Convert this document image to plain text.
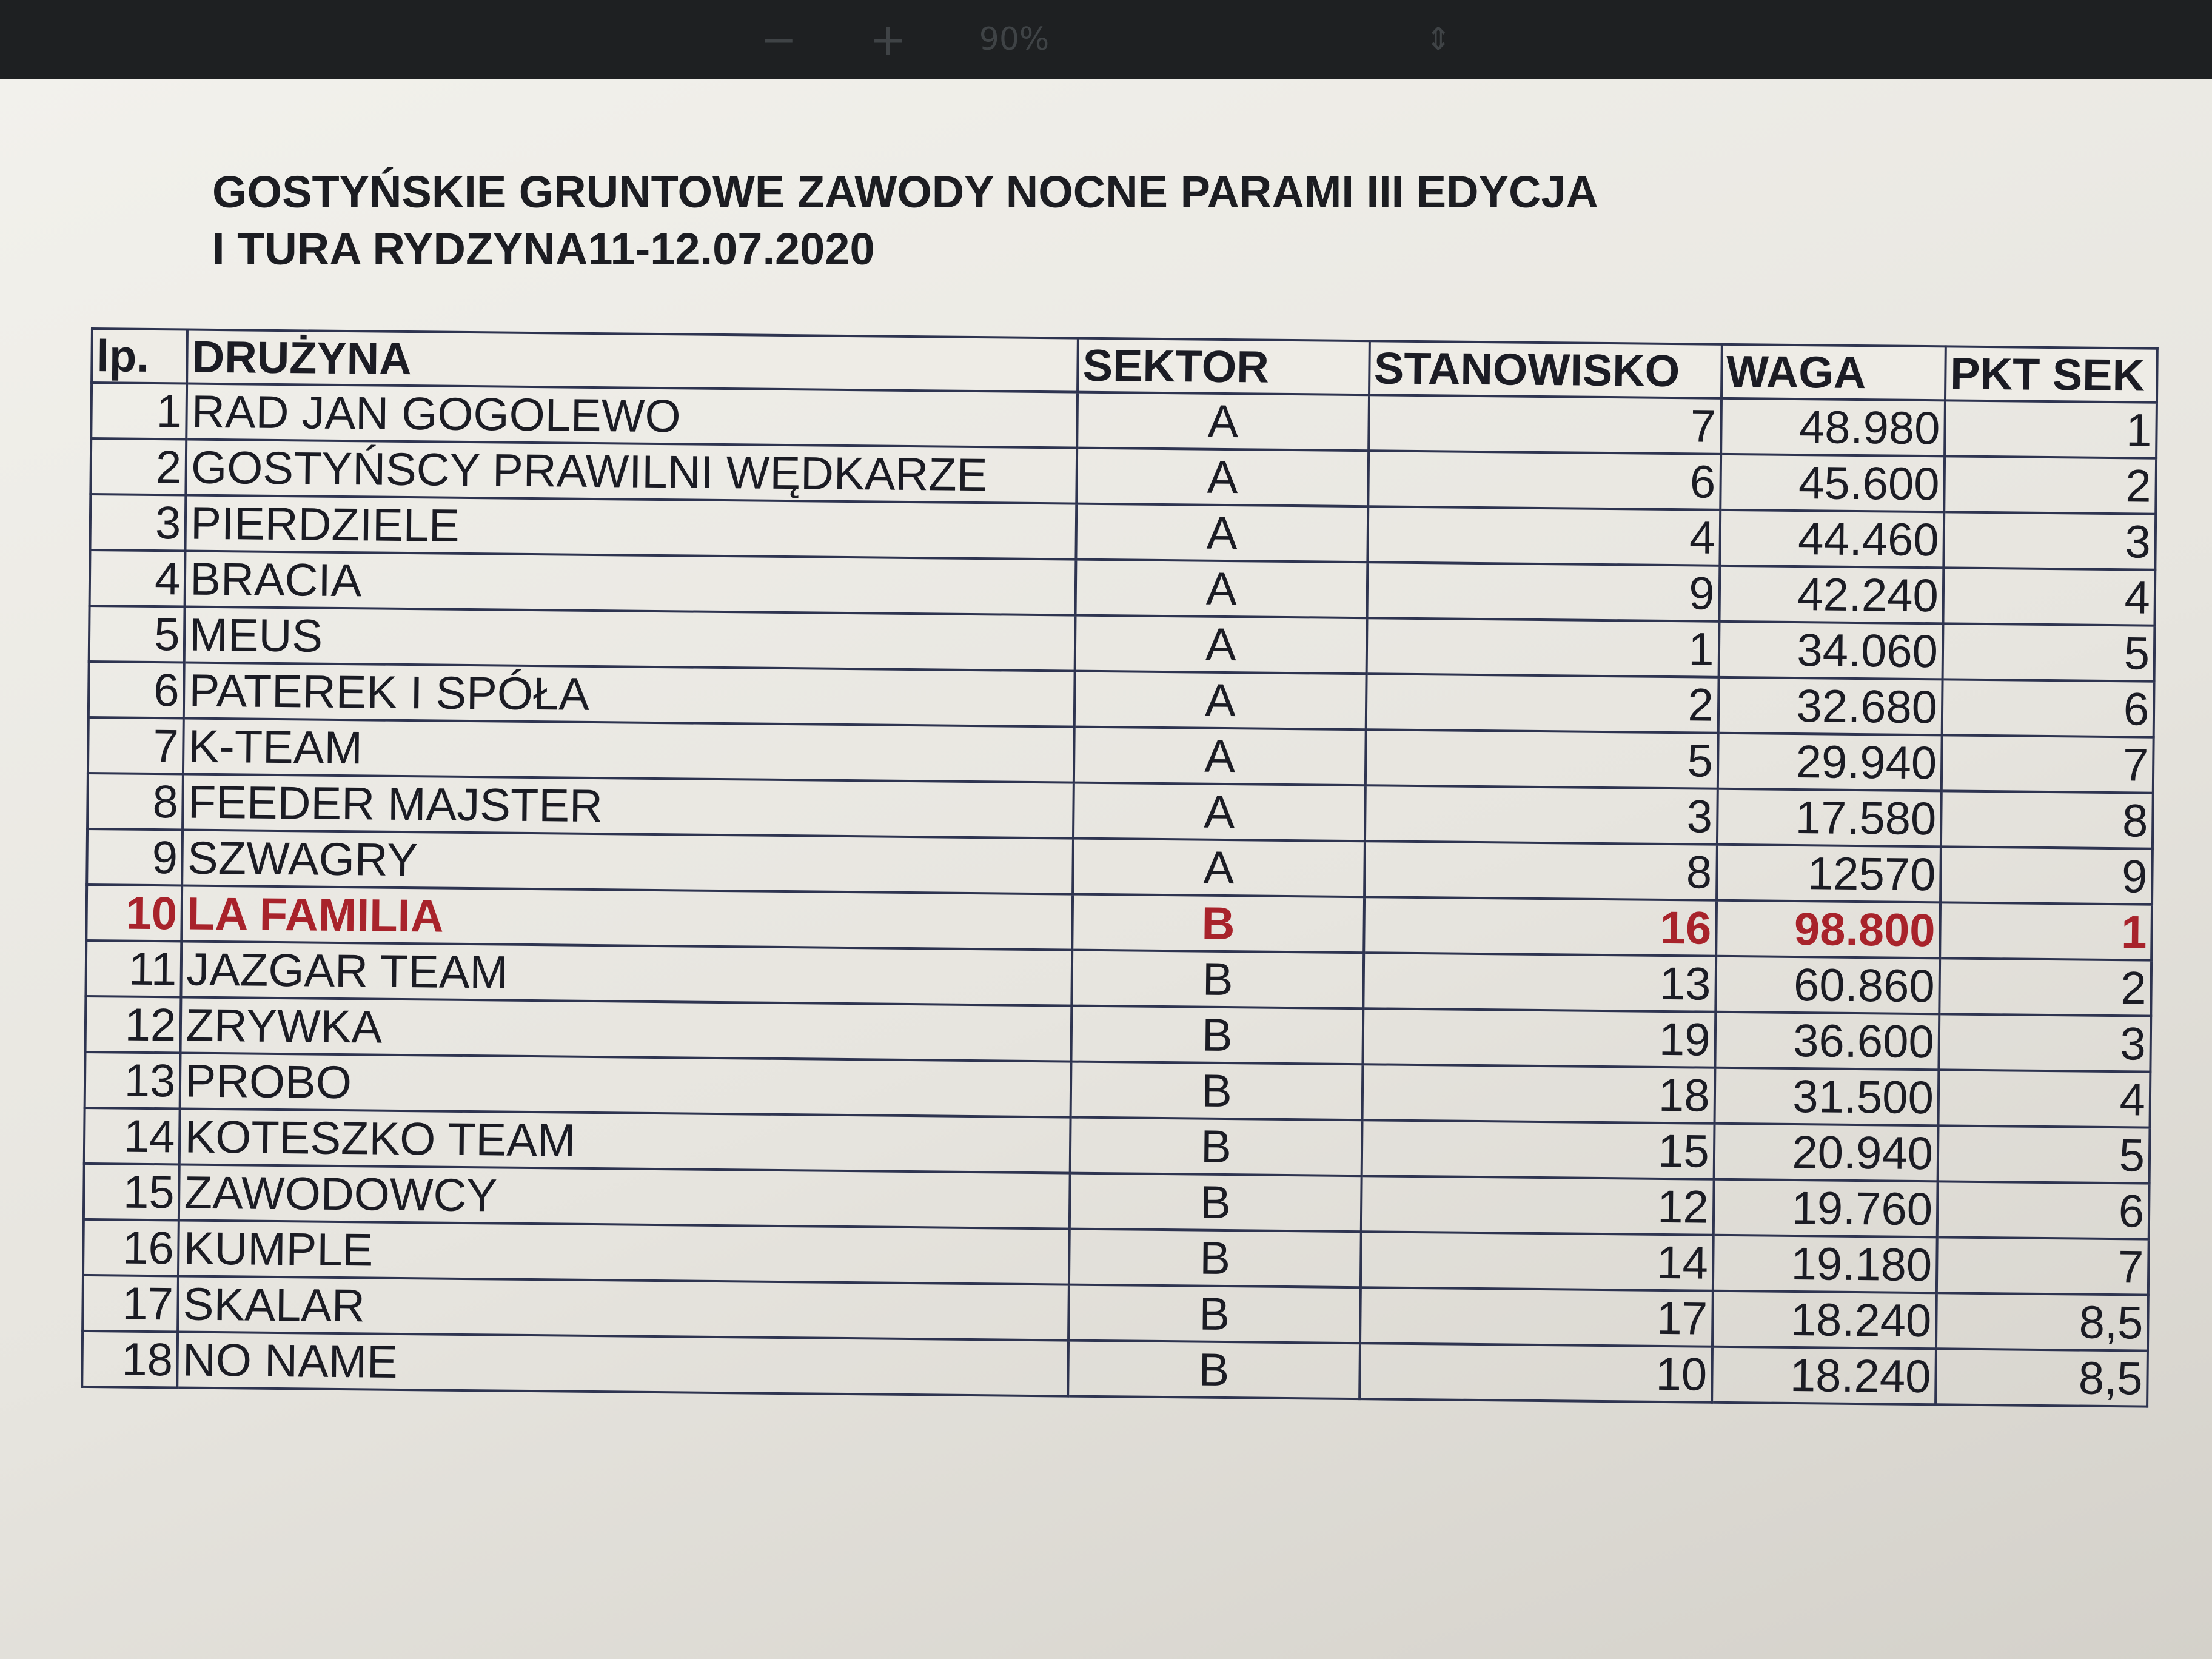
− + 90%	⇕
GOSTYŃSKIE GRUNTOWE ZAWODY NOCNE PARAMI III EDYCJA
I TURA RYDZYNA11-12.07.2020
lp.	DRUŻYNA	SEKTOR	STANOWISKO	WAGA	PKT SEK
1	RAD JAN GOGOLEWO	A	7	48.980	1
2	GOSTYŃSCY PRAWILNI WĘDKARZE	A	6	45.600	2
3	PIERDZIELE	A	4	44.460	3
4	BRACIA	A	9	42.240	4
5	MEUS	A	1	34.060	5
6	PATEREK I SPÓŁA	A	2	32.680	6
7	K-TEAM	A	5	29.940	7
8	FEEDER MAJSTER	A	3	17.580	8
9	SZWAGRY	A	8	12570	9
10	LA FAMILIA	B	16	98.800	1
11	JAZGAR TEAM	B	13	60.860	2
12	ZRYWKA	B	19	36.600	3
13	PROBO	B	18	31.500	4
14	KOTESZKO TEAM	B	15	20.940	5
15	ZAWODOWCY	B	12	19.760	6
16	KUMPLE	B	14	19.180	7
17	SKALAR	B	17	18.240	8,5
18	NO NAME	B	10	18.240	8,5
